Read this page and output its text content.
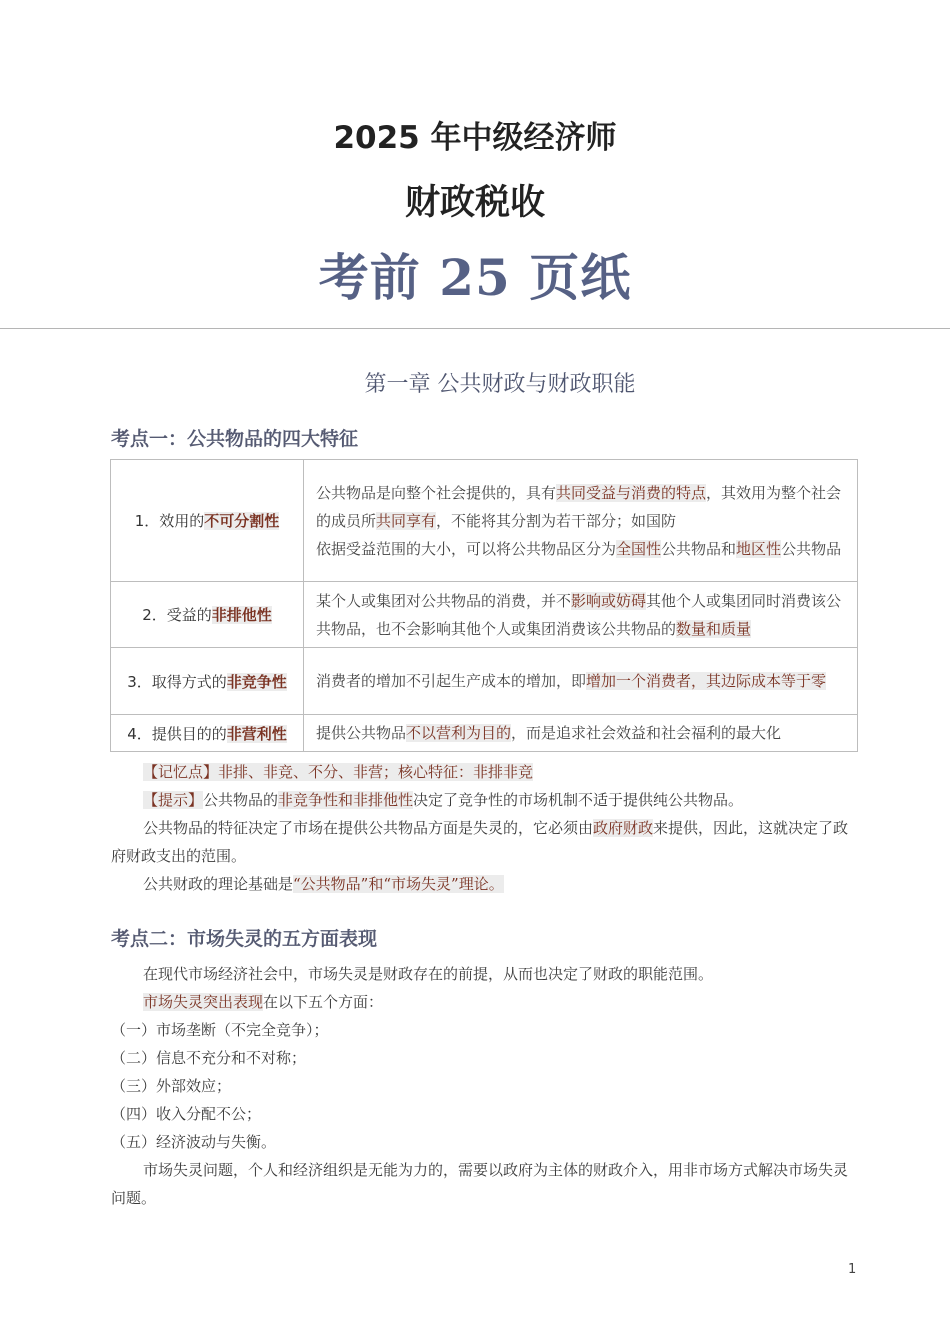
2025 年中级经济师
财政税收
考前 25 页纸
第一章 公共财政与财政职能
考点一：公共物品的四大特征
1．效用的不可分割性	公共物品是向整个社会提供的，具有共同受益与消费的特点，其效用为整个社会的成员所共同享有，不能将其分割为若干部分；如国防
依据受益范围的大小，可以将公共物品区分为全国性公共物品和地区性公共物品
2．受益的非排他性	某个人或集团对公共物品的消费，并不影响或妨碍其他个人或集团同时消费该公共物品，也不会影响其他个人或集团消费该公共物品的数量和质量
3．取得方式的非竞争性	消费者的增加不引起生产成本的增加，即增加一个消费者，其边际成本等于零
4．提供目的的非营利性	提供公共物品不以营利为目的，而是追求社会效益和社会福利的最大化
【记忆点】非排、非竞、不分、非营；核心特征：非排非竞
【提示】公共物品的非竞争性和非排他性决定了竞争性的市场机制不适于提供纯公共物品。
公共物品的特征决定了市场在提供公共物品方面是失灵的，它必须由政府财政来提供，因此，这就决定了政府财政支出的范围。
公共财政的理论基础是“公共物品”和“市场失灵”理论。
考点二：市场失灵的五方面表现
在现代市场经济社会中，市场失灵是财政存在的前提，从而也决定了财政的职能范围。
市场失灵突出表现在以下五个方面：
（一）市场垄断（不完全竞争）；
（二）信息不充分和不对称；
（三）外部效应；
（四）收入分配不公；
（五）经济波动与失衡。
市场失灵问题，个人和经济组织是无能为力的，需要以政府为主体的财政介入，用非市场方式解决市场失灵问题。
1
